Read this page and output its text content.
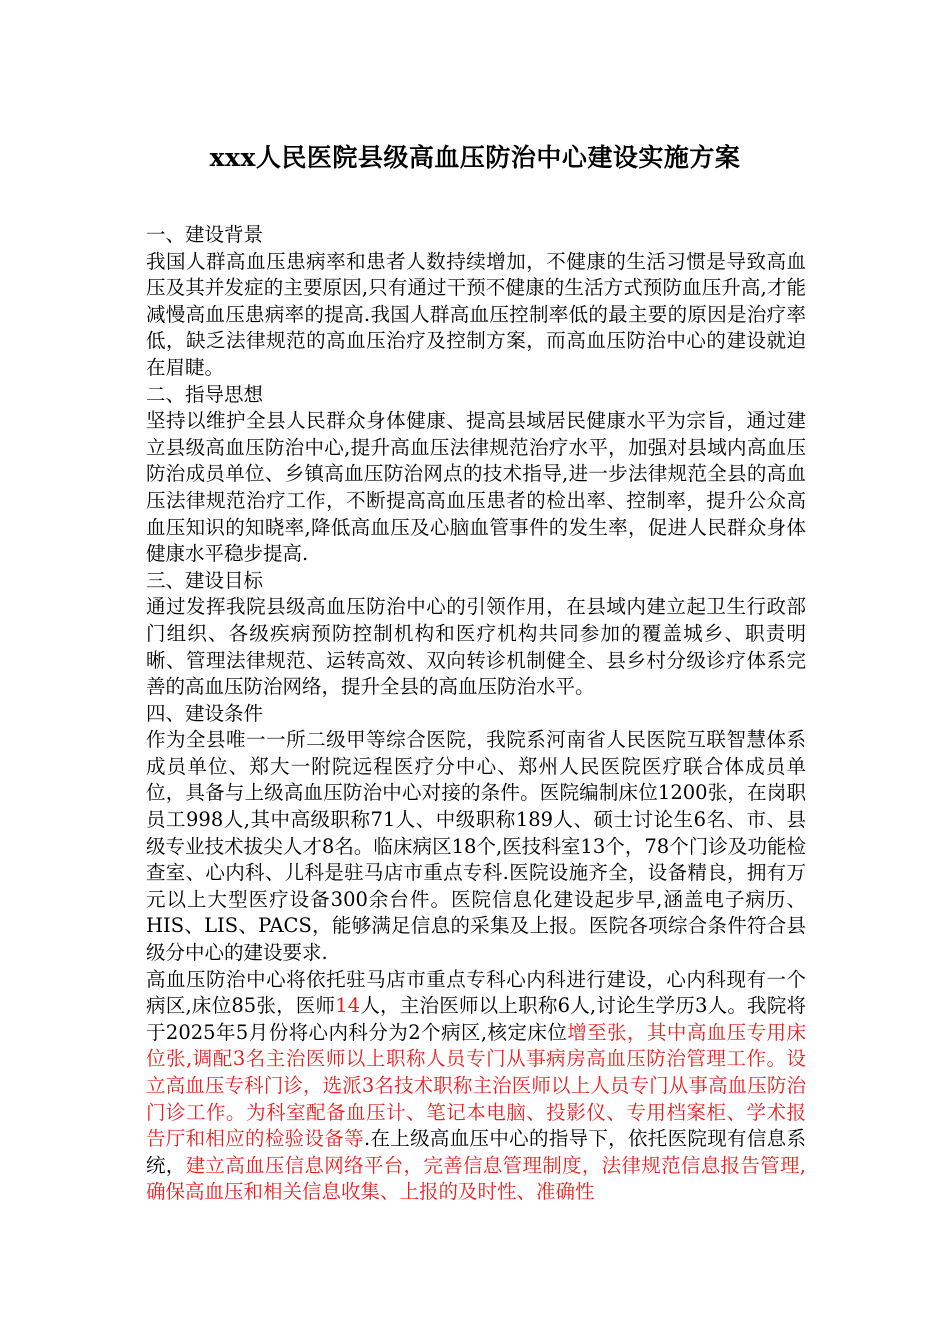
xxx人民医院县级高血压防治中心建设实施方案
一、建设背景

我国人群高血压患病率和患者人数持续增加，不健康的生活习惯是导致高血压及其并发症的主要原因,只有通过干预不健康的生活方式预防血压升高,才能减慢高血压患病率的提高.我国人群高血压控制率低的最主要的原因是治疗率低，缺乏法律规范的高血压治疗及控制方案，而高血压防治中心的建设就迫在眉睫。

二、指导思想

坚持以维护全县人民群众身体健康、提高县域居民健康水平为宗旨，通过建立县级高血压防治中心,提升高血压法律规范治疗水平，加强对县域内高血压防治成员单位、乡镇高血压防治网点的技术指导,进一步法律规范全县的高血压法律规范治疗工作，不断提高高血压患者的检出率、控制率，提升公众高血压知识的知晓率,降低高血压及心脑血管事件的发生率，促进人民群众身体健康水平稳步提高.

三、建设目标

通过发挥我院县级高血压防治中心的引领作用，在县域内建立起卫生行政部门组织、各级疾病预防控制机构和医疗机构共同参加的覆盖城乡、职责明晰、管理法律规范、运转高效、双向转诊机制健全、县乡村分级诊疗体系完善的高血压防治网络，提升全县的高血压防治水平。

四、建设条件

作为全县唯一一所二级甲等综合医院，我院系河南省人民医院互联智慧体系成员单位、郑大一附院远程医疗分中心、郑州人民医院医疗联合体成员单位，具备与上级高血压防治中心对接的条件。医院编制床位1200张，在岗职员工998人,其中高级职称71人、中级职称189人、硕士讨论生6名、市、县级专业技术拔尖人才8名。临床病区18个,医技科室13个，78个门诊及功能检查室、心内科、儿科是驻马店市重点专科.医院设施齐全，设备精良，拥有万元以上大型医疗设备300余台件。医院信息化建设起步早,涵盖电子病历、HIS、LIS、PACS，能够满足信息的采集及上报。医院各项综合条件符合县级分中心的建设要求.

高血压防治中心将依托驻马店市重点专科心内科进行建设，心内科现有一个病区,床位85张，医师14人，主治医师以上职称6人,讨论生学历3人。我院将于2025年5月份将心内科分为2个病区,核定床位增至张，其中高血压专用床位张,调配3名主治医师以上职称人员专门从事病房高血压防治管理工作。设立高血压专科门诊，选派3名技术职称主治医师以上人员专门从事高血压防治门诊工作。为科室配备血压计、笔记本电脑、投影仪、专用档案柜、学术报告厅和相应的检验设备等.在上级高血压中心的指导下，依托医院现有信息系统，建立高血压信息网络平台，完善信息管理制度，法律规范信息报告管理,确保高血压和相关信息收集、上报的及时性、准确性
